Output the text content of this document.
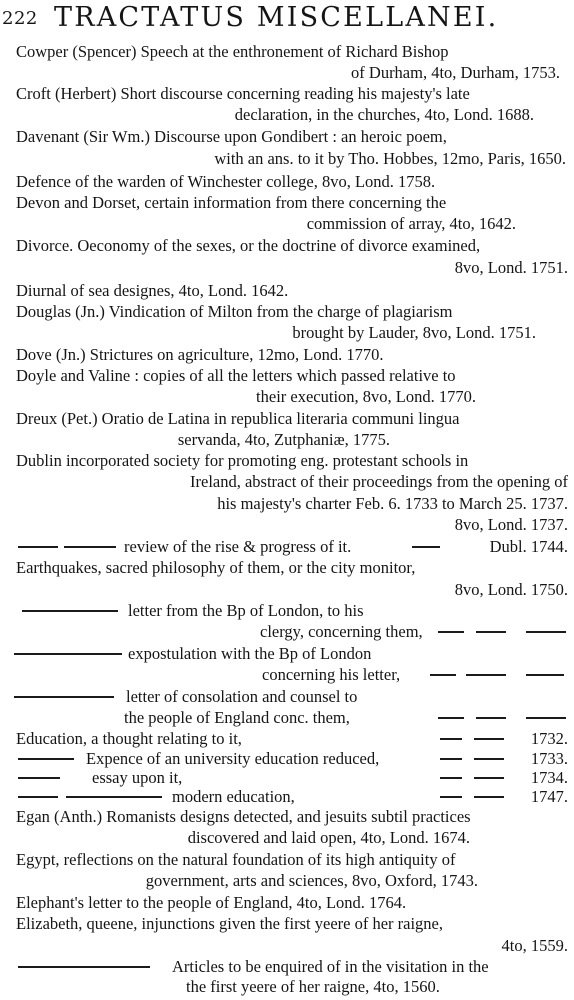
222 TRACTATUS MISCELLANEI.
Cowper (Spencer) Speech at the enthronement of Richard Bishop
of Durham, 4to, Durham, 1753.
Croft (Herbert) Short discourse concerning reading his majesty's late
declaration, in the churches, 4to, Lond. 1688.
Davenant (Sir Wm.) Discourse upon Gondibert : an heroic poem,
with an ans. to it by Tho. Hobbes, 12mo, Paris, 1650.
Defence of the warden of Winchester college, 8vo, Lond. 1758.
Devon and Dorset, certain information from there concerning the
commission of array, 4to, 1642.
Divorce. Oeconomy of the sexes, or the doctrine of divorce examined,
8vo, Lond. 1751.
Diurnal of sea designes, 4to, Lond. 1642.
Douglas (Jn.) Vindication of Milton from the charge of plagiarism
brought by Lauder, 8vo, Lond. 1751.
Dove (Jn.) Strictures on agriculture, 12mo, Lond. 1770.
Doyle and Valine : copies of all the letters which passed relative to
their execution, 8vo, Lond. 1770.
Dreux (Pet.) Oratio de Latina in republica literaria communi lingua
servanda, 4to, Zutphaniæ, 1775.
Dublin incorporated society for promoting eng. protestant schools in
Ireland, abstract of their proceedings from the opening of
his majesty's charter Feb. 6. 1733 to March 25. 1737.
8vo, Lond. 1737.
review of the rise & progress of it.	Dubl. 1744.
Earthquakes, sacred philosophy of them, or the city monitor,
8vo, Lond. 1750.
letter from the Bp of London, to his
clergy, concerning them,
expostulation with the Bp of London
concerning his letter,
letter of consolation and counsel to
the people of England conc. them,
Education, a thought relating to it,	1732.
Expence of an university education reduced,	1733.
essay upon it,	1734.
modern education,	1747.
Egan (Anth.) Romanists designs detected, and jesuits subtil practices
discovered and laid open, 4to, Lond. 1674.
Egypt, reflections on the natural foundation of its high antiquity of
government, arts and sciences, 8vo, Oxford, 1743.
Elephant's letter to the people of England, 4to, Lond. 1764.
Elizabeth, queene, injunctions given the first yeere of her raigne,
4to, 1559.
Articles to be enquired of in the visitation in the
the first yeere of her raigne, 4to, 1560.
